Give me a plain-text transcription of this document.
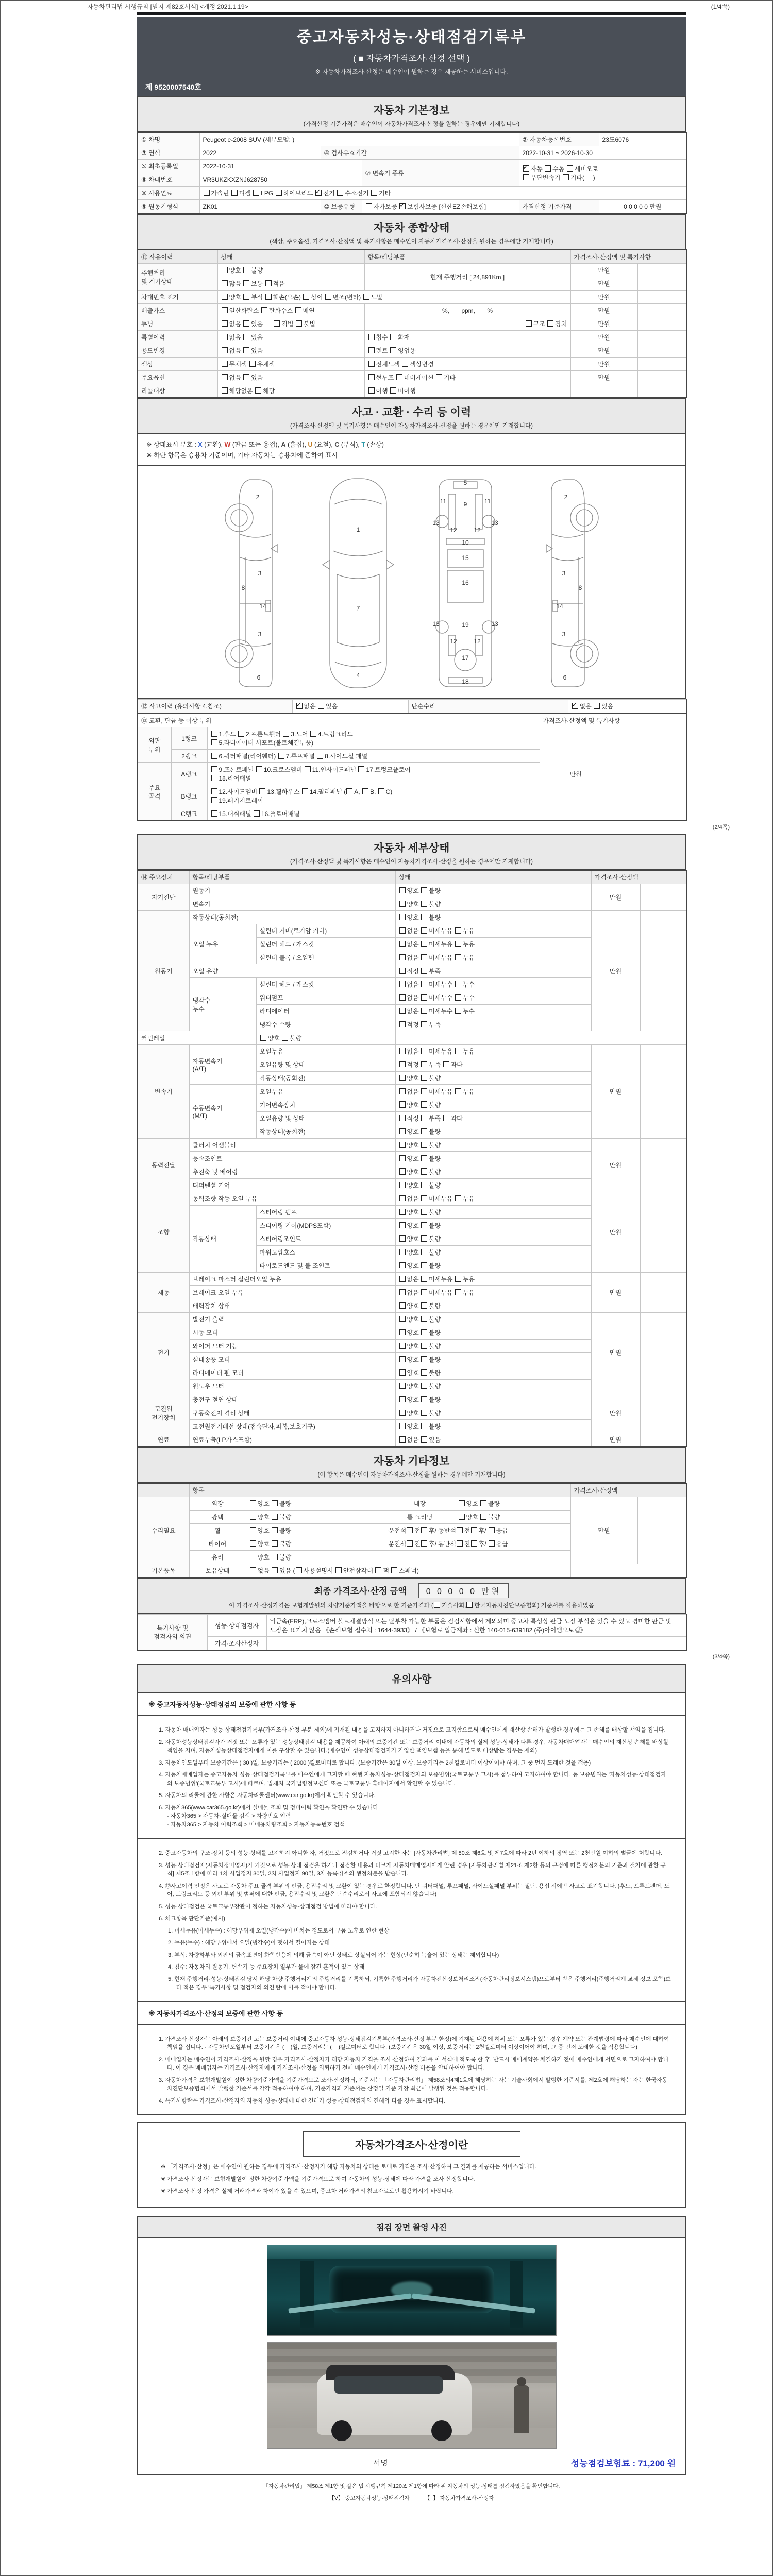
자동차관리법 시행규칙 [별지 제82호서식] <개정 2021.1.19>	(1/4쪽)
중고자동차성능·상태점검기록부
( ■ 자동차가격조사·산정 선택 )
※ 자동차가격조사·산정은 매수인이 원하는 경우 제공하는 서비스입니다.
제 9520007540호
자동차 기본정보
(가격산정 기준가격은 매수인이 자동차가격조사·산정을 원하는 경우에만 기재합니다)
① 차명	Peugeot e-2008 SUV (세부모델: )			② 자동차등록번호	23도6076
③ 연식	2022	④ 검사유효기간		2022-10-31 ~ 2026-10-30	
⑤ 최초등록일	2022-10-31		⑦ 변속기 종류	✓자동 수동 세미오토
무단변속기 기타(     )
⑥ 차대번호	VR3UKZKXZNJ628750				
⑧ 사용연료	가솔린 디젤 LPG 하이브리드 ✓전기 수소전기 기타
⑨ 원동기형식	ZK01	⑩ 보증유형	자가보증 ✓보험사보증 [신한EZ손해보험]	가격산정 기준가격	0 0 0 0 0 만원
자동차 종합상태
(색상, 주요옵션, 가격조사·산정액 및 특기사항은 매수인이 자동차가격조사·산정을 원하는 경우에만 기재합니다)
⑪ 사용이력	상태	항목/해당부품	가격조사·산정액 및 특기사항	
주행거리
및 계기상태	양호 불량	현재 주행거리 [ 24,891Km ]	만원	
	많음 보통 적음		만원	
차대번호 표기	양호 부식 훼손(오손) 상이 변조(변타) 도말		만원	
배출가스	일산화탄소 탄화수소 매연	%,       ppm,       %	만원	
튜닝	없음 있음      적법 불법	구조 장치	만원	
특별이력	없음 있음	침수 화재	만원	
용도변경	없음 있음	렌트 영업용	만원	
색상	무채색 유채색	전체도색 색상변경	만원	
주요옵션	없음 있음	썬루프 네비게이션 기타	만원	
리콜대상	해당없음 해당	이행 미이행		
사고 · 교환 · 수리 등 이력
(가격조사·산정액 및 특기사항은 매수인이 자동차가격조사·산정을 원하는 경우에만 기재합니다)
※ 상태표시 부호 : X (교환), W (판금 또는 용접), A (흠집), U (요철), C (부식), T (손상)
※ 하단 항목은 승용차 기준이며, 기타 자동차는 승용차에 준하여 표시
2
8
3
14
3
6
1
7
4
5
11	9	11
13	13
12	12
10
15
16
13	19	13
12	12
17
18
2
8
3
14
3
6
⑫ 사고이력 (유의사항 4.참조)	✓없음 있음	단순수리	✓없음 있음
⑬ 교환, 판금 등 이상 부위			가격조사·산정액 및 특기사항	
외판
부위	1랭크	1.후드 2.프론트휀더 3.도어 4.트렁크리드
5.라디에이터 서포트(볼트체결부품)	만원	
	2랭크	6.쿼터패널(리어휀더) 7.루프패널 8.사이드실 패널		
주요
골격	A랭크	9.프론트패널 10.크로스멤버 11.인사이드패널 17.트렁크플로어
18.리어패널		
	B랭크	12.사이드멤버 13.휠하우스 14.필러패널 ( A, B, C)
19.패키지트레이		
	C랭크	15.대쉬패널 16.플로어패널		
(2/4쪽)
자동차 세부상태
(가격조사·산정액 및 특기사항은 매수인이 자동차가격조사·산정을 원하는 경우에만 기재합니다)
⑭ 주요장치	항목/해당부품		상태	가격조사·산정액	
자기진단	원동기		양호 불량	만원	
	변속기		양호 불량		
원동기	작동상태(공회전)		양호 불량	만원	
	오일 누유	실린더 커버(로커암 커버)	없음 미세누유 누유		
		실린더 헤드 / 개스킷	없음 미세누유 누유		
		실린더 블록 / 오일팬	없음 미세누유 누유		
	오일 유량		적정 부족		
	냉각수
누수	실린더 헤드 / 개스킷	없음 미세누수 누수		
		워터펌프	없음 미세누수 누수		
		라디에이터	없음 미세누수 누수		
		냉각수 수량	적정 부족		
커먼레일		양호 불량			
변속기	자동변속기
(A/T)	오일누유	없음 미세누유 누유	만원	
		오일유량 및 상태	적정 부족 과다		
		작동상태(공회전)	양호 불량		
	수동변속기
(M/T)	오일누유	없음 미세누유 누유		
		기어변속장치	양호 불량		
		오일유량 및 상태	적정 부족 과다		
		작동상태(공회전)	양호 불량		
동력전달	클러치 어셈블리		양호 불량	만원	
	등속조인트		양호 불량		
	추진축 및 베어링		양호 불량		
	디퍼렌셜 기어		양호 불량		
조향	동력조향 작동 오일 누유		없음 미세누유 누유	만원	
	작동상태	스티어링 펌프	양호 불량		
		스티어링 기어(MDPS포함)	양호 불량		
		스티어링조인트	양호 불량		
		파워고압호스	양호 불량		
		타이로드엔드 및 볼 조인트	양호 불량		
제동	브레이크 마스터 실린더오일 누유		없음 미세누유 누유	만원	
	브레이크 오일 누유		없음 미세누유 누유		
	배력장치 상태		양호 불량		
전기	발전기 출력		양호 불량	만원	
	시동 모터		양호 불량		
	와이퍼 모터 기능		양호 불량		
	실내송풍 모터		양호 불량		
	라디에이터 팬 모터		양호 불량		
	윈도우 모터		양호 불량		
고전원
전기장치	충전구 절연 상태		양호 불량	만원	
	구동축전지 격리 상태		양호 불량		
	고전원전기배선 상태(접속단자,피복,보호기구)		양호 불량		
연료	연료누출(LP가스포함)		없음 있음	만원	
자동차 기타정보
(이 항목은 매수인이 자동차가격조사·산정을 원하는 경우에만 기재합니다)
	항목				가격조사·산정액	
수리필요	외장	양호 불량	내장	양호 불량	만원	
	광택	양호 불량	룸 크리닝	양호 불량		
	휠	양호 불량	운전석 전 후/ 동반석 전 후/ 응급			
	타이어	양호 불량	운전석 전 후/ 동반석 전 후/ 응급			
	유리	양호 불량				
기본품목	보유상태	없음 있음 ( 사용설명서 안전삼각대 잭 스패너)				
최종 가격조사·산정 금액 0 0 0 0 0 만원
이 가격조사·산정가격은 보험개발원의 차량기준가액을 바탕으로 한 기준가격과 ( 기술사회, 한국자동차진단보증협회) 기준서를 적용하였음
특기사항 및
점검자의 의견	성능·상태점검자	비금속(FRP),크로스멤버 볼트체결방식 또는 탈부착 가능한 부품은 점검사항에서 제외되며 중고차 특성상 판금 도장 부식은 있을 수 있고 경미한 판금 및 도장은 표기치 않음 《손해보험 접수처 : 1644-3933》 / 《보험료 입금계좌 : 신한 140-015-639182 (주)아이엠오토랩》
	가격·조사산정자	
(3/4쪽)
유의사항
※ 중고자동차성능·상태점검의 보증에 관한 사항 등
1. 자동차 매매업자는 성능·상태점검기록부(가격조사·산정 부분 제외)에 기재된 내용을 고지하지 아니하거나 거짓으로 고지함으로써 매수인에게 재산상 손해가 발생한 경우에는 그 손해를 배상할 책임을 집니다.
2. 자동차성능상태점검자가 거짓 또는 오류가 있는 성능상태점검 내용을 제공하여 아래의 보증기간 또는 보증거리 이내에 자동차의 실제 성능·상태가 다른 경우, 자동차매매업자는 매수인의 재산상 손해를 배상할 책임을 지며, 자동차성능상태점검자에게 이를 구상할 수 있습니다.(매수인이 성능상태점검자가 가입한 책임보험 등을 통해 별도로 배상받는 경우는 제외)
3. 자동차인도일부터 보증기간은 ( 30 )일, 보증거리는 ( 2000 )킬로미터로 합니다. (보증기간은 30일 이상, 보증거리는 2천킬로미터 이상이어야 하며, 그 중 먼저 도래한 것을 적용)
4. 자동차매매업자는 중고자동차 성능·상태점검기록부를 매수인에게 고지할 때 현행 자동차성능·상태점검자의 보증범위(국토교통부 고시)를 첨부하여 고지하여야 합니다. 동 보증범위는 '자동차성능·상태점검자의 보증범위'(국토교통부 고시)에 따르며, 법제처 국가법령정보센터 또는 국토교통부 홈페이지에서 확인할 수 있습니다.
5. 자동차의 리콜에 관한 사항은 자동차리콜센터(www.car.go.kr)에서 확인할 수 있습니다.
6. 자동차365(www.car365.go.kr)에서 실매물 조회 및 정비이력 확인을 확인할 수 있습니다.
- 자동차365 > 자동차·실매물 검색 > 차량번호 입력
- 자동차365 > 자동차 이력조회 > 매매용차량조회 > 자동차등록번호 검색
2. 중고자동차의 구조·장치 등의 성능·상태를 고지하지 아니한 자, 거짓으로 점검하거나 거짓 고지한 자는 [자동차관리법] 제 80조 제6호 및 제7호에 따라 2년 이하의 징역 또는 2천만원 이하의 벌금에 처합니다.
3. 성능·상태점검자(자동차정비업자)가 거짓으로 성능·상태 점검을 하거나 점검한 내용과 다르게 자동차매매업자에게 알린 경우 [자동차관리법 제21조 제2항 등의 규정에 따른 행정처분의 기준과 절차에 관한 규칙] 제5조 1항에 따라 1차 사업정지 30일, 2차 사업정지 90일, 3차 등록취소의 행정처분을 받습니다.
4. ⑫사고이력 인정은 사고로 자동차 주요 골격 부위의 판금, 용접수리 및 교환이 있는 경우로 한정합니다. 단 쿼터패널, 루프패널, 사이드실패널 부위는 절단, 용접 시에만 사고로 표기합니다. (후드, 프론트펜더, 도어, 트렁크리드 등 외판 부위 및 범퍼에 대한 판금, 용접수리 및 교환은 단순수리로서 사고에 포함되지 않습니다)
5. 성능·상태점검은 국토교통부장관이 정하는 자동차성능·상태점검 방법에 따라야 합니다.
6. 체크항목 판단기준(예시)
1. 미세누유(미세누수) : 해당부위에 오일(냉각수)이 비치는 정도로서 부품 노후로 인한 현상
2. 누유(누수) : 해당부위에서 오일(냉각수)이 맺혀서 떨어지는 상태
3. 부식: 차량하부와 외판의 금속표면이 화학반응에 의해 금속이 아닌 상태로 상실되어 가는 현상(단순히 녹슬어 있는 상태는 제외합니다)
4. 침수: 자동차의 원동기, 변속기 등 주요장치 일부가 물에 잠긴 흔적이 있는 상태
5. 현재 주행거리·성능·상태점검 당시 해당 차량 주행거리계의 주행거리를 기록하되, 기록한 주행거리가 자동차전산정보처리조직(자동차관리정보시스템)으로부터 받은 주행거리(주행거리계 교체 정보 포함)보다 적은 경우 '특기사항 및 점검자의 의견'란에 이를 적어야 합니다.
※ 자동차가격조사·산정의 보증에 관한 사항 등
1. 가격조사·산정자는 아래의 보증기간 또는 보증거리 이내에 중고자동차 성능·상태점검기록부(가격조사·산정 부분 한정)에 기재된 내용에 허위 또는 오류가 있는 경우 계약 또는 관계법령에 따라 매수인에 대하여 책임을 집니다. · 자동차인도일부터 보증기간은 (    )일, 보증거리는 (    )킬로미터로 합니다. (보증기간은 30일 이상, 보증거리는 2천킬로미터 이상이어야 하며, 그 중 먼저 도래한 것을 적용합니다)
2. 매매업자는 매수인이 가격조사·산정을 원할 경우 가격조사·산정자가 해당 자동차 가격을 조사·산정하여 결과를 이 서식에 적도록 한 후, 반드시 매매계약을 체결하기 전에 매수인에게 서면으로 고지하여야 합니다. 이 경우 매매업자는 가격조사·산정자에게 가격조사·산정을 의뢰하기 전에 매수인에게 가격조사·산정 비용을 안내하여야 합니다.
3. 자동차가격은 보험개발원이 정한 차량기준가액을 기준가격으로 조사·산정하되, 기준서는 「자동차관리법」 제58조의4제1호에 해당하는 자는 기술사회에서 발행한 기준서를, 제2호에 해당하는 자는 한국자동차진단보증협회에서 발행한 기준서를 각각 적용하여야 하며, 기준가격과 기준서는 산정일 기준 가장 최근에 발행된 것을 적용합니다.
4. 특기사항란은 가격조사·산정자의 자동차 성능·상태에 대한 견해가 성능·상태점검자의 견해와 다를 경우 표시합니다.
자동차가격조사·산정이란
※ 「가격조사·산정」은 매수인이 원하는 경우에 가격조사·산정자가 해당 자동차의 상태를 토대로 가격을 조사·산정하여 그 결과를 제공하는 서비스입니다.
※ 가격조사·산정자는 보험개발원이 정한 차량기준가액을 기준가격으로 하여 자동차의 성능·상태에 따라 가격을 조사·산정합니다.
※ 가격조사·산정 가격은 실제 거래가격과 차이가 있을 수 있으며, 중고차 거래가격의 참고자료로만 활용하시기 바랍니다.
점검 장면 촬영 사진
서명	성능점검보험료 : 71,200 원
「자동차관리법」 제58조 제1항 및 같은 법 시행규칙 제120조 제1항에 따라 위 자동차의 성능·상태를 점검하였음을 확인합니다.
【V】 중고자동차성능·상태점검자          【  】 자동차가격조사·산정자
